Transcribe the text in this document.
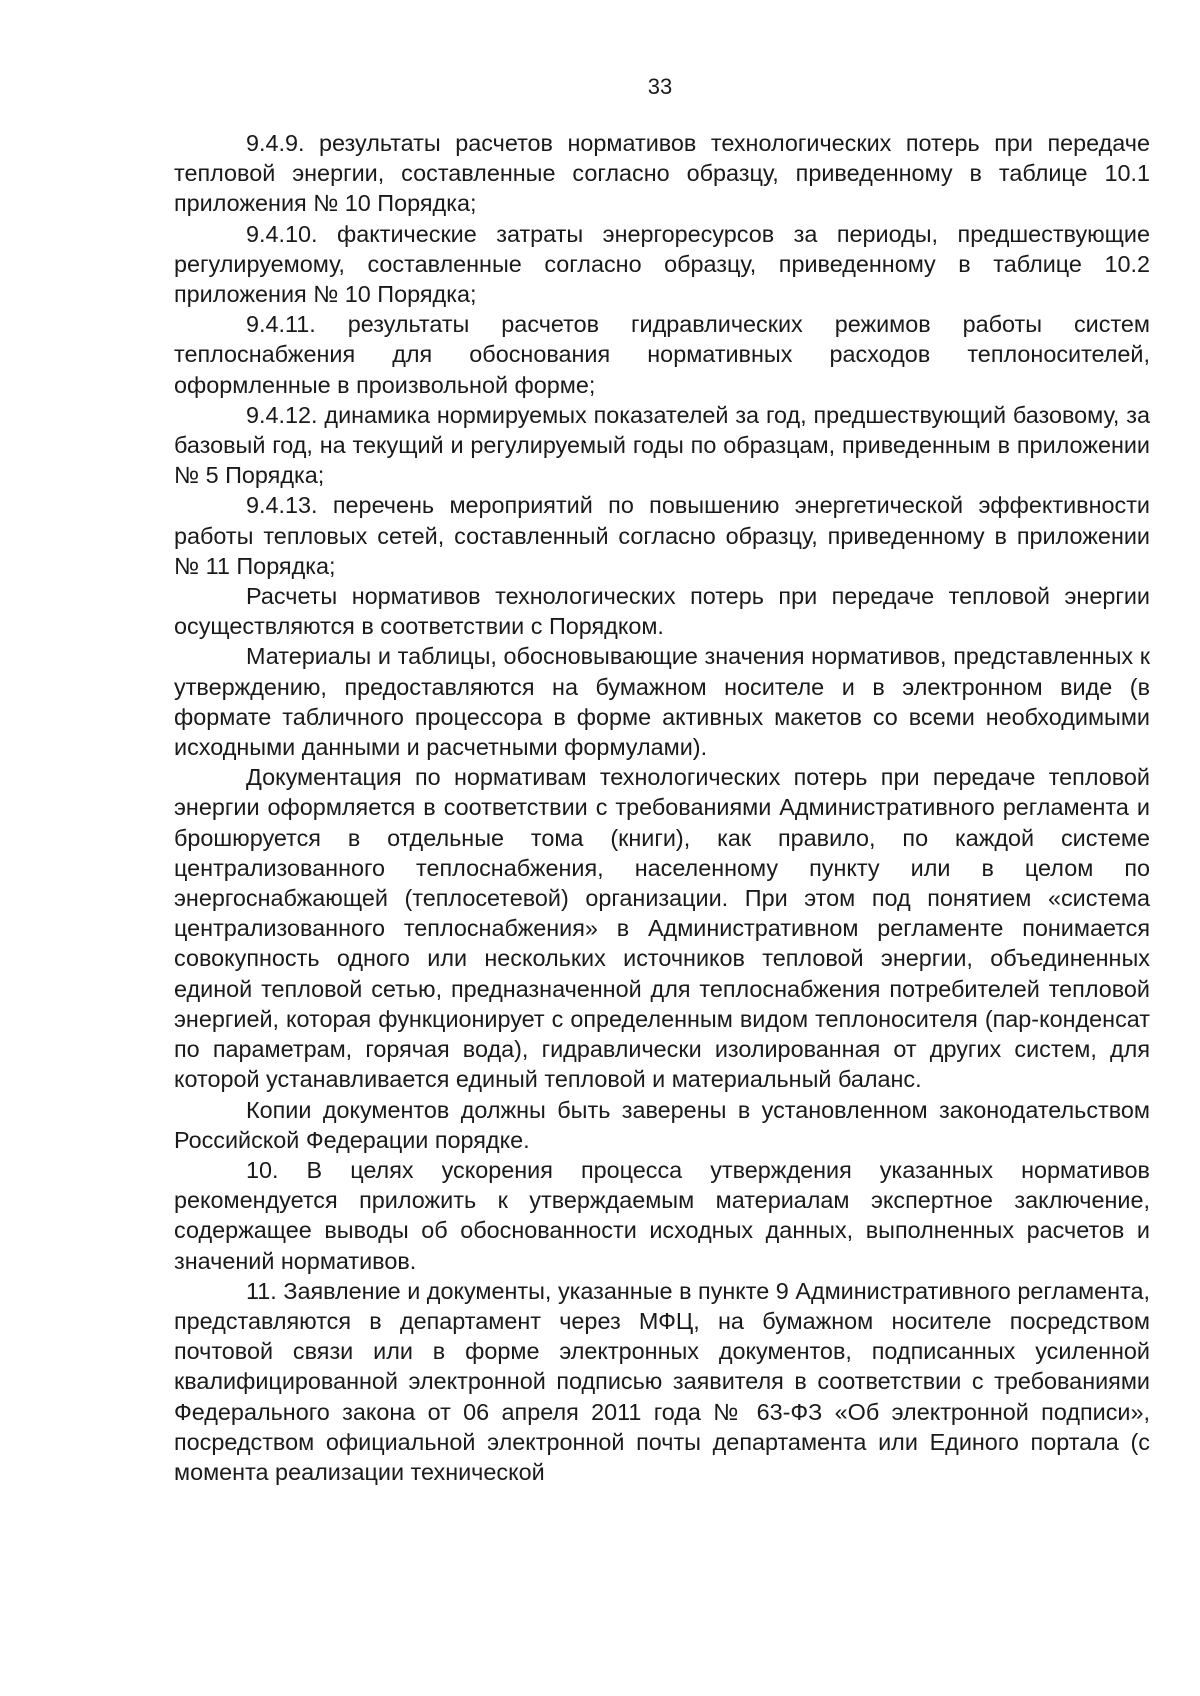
33

9.4.9. результаты расчетов нормативов технологических потерь при передаче тепловой энергии, составленные согласно образцу, приведенному в таблице 10.1 приложения № 10 Порядка;

9.4.10. фактические затраты энергоресурсов за периоды, предшествующие регулируемому, составленные согласно образцу, приведенному в таблице 10.2 приложения № 10 Порядка;

9.4.11. результаты расчетов гидравлических режимов работы систем теплоснабжения для обоснования нормативных расходов теплоносителей, оформленные в произвольной форме;

9.4.12. динамика нормируемых показателей за год, предшествующий базовому, за базовый год, на текущий и регулируемый годы по образцам, приведенным в приложении № 5 Порядка;

9.4.13. перечень мероприятий по повышению энергетической эффективности работы тепловых сетей, составленный согласно образцу, приведенному в приложении № 11 Порядка;

Расчеты нормативов технологических потерь при передаче тепловой энергии осуществляются в соответствии с Порядком.

Материалы и таблицы, обосновывающие значения нормативов, представленных к утверждению, предоставляются на бумажном носителе и в электронном виде (в формате табличного процессора в форме активных макетов со всеми необходимыми исходными данными и расчетными формулами).

Документация по нормативам технологических потерь при передаче тепловой энергии оформляется в соответствии с требованиями Административного регламента и брошюруется в отдельные тома (книги), как правило, по каждой системе централизованного теплоснабжения, населенному пункту или в целом по энергоснабжающей (теплосетевой) организации. При этом под понятием «система централизованного теплоснабжения» в Административном регламенте понимается совокупность одного или нескольких источников тепловой энергии, объединенных единой тепловой сетью, предназначенной для теплоснабжения потребителей тепловой энергией, которая функционирует с определенным видом теплоносителя (пар-конденсат по параметрам, горячая вода), гидравлически изолированная от других систем, для которой устанавливается единый тепловой и материальный баланс.

Копии документов должны быть заверены в установленном законодательством Российской Федерации порядке.

10. В целях ускорения процесса утверждения указанных нормативов рекомендуется приложить к утверждаемым материалам экспертное заключение, содержащее выводы об обоснованности исходных данных, выполненных расчетов и значений нормативов.

11. Заявление и документы, указанные в пункте 9 Административного регламента, представляются в департамент через МФЦ, на бумажном носителе посредством почтовой связи или в форме электронных документов, подписанных усиленной квалифицированной электронной подписью заявителя в соответствии с требованиями Федерального закона от 06 апреля 2011 года № 63-ФЗ «Об электронной подписи», посредством официальной электронной почты департамента или Единого портала (с момента реализации технической
